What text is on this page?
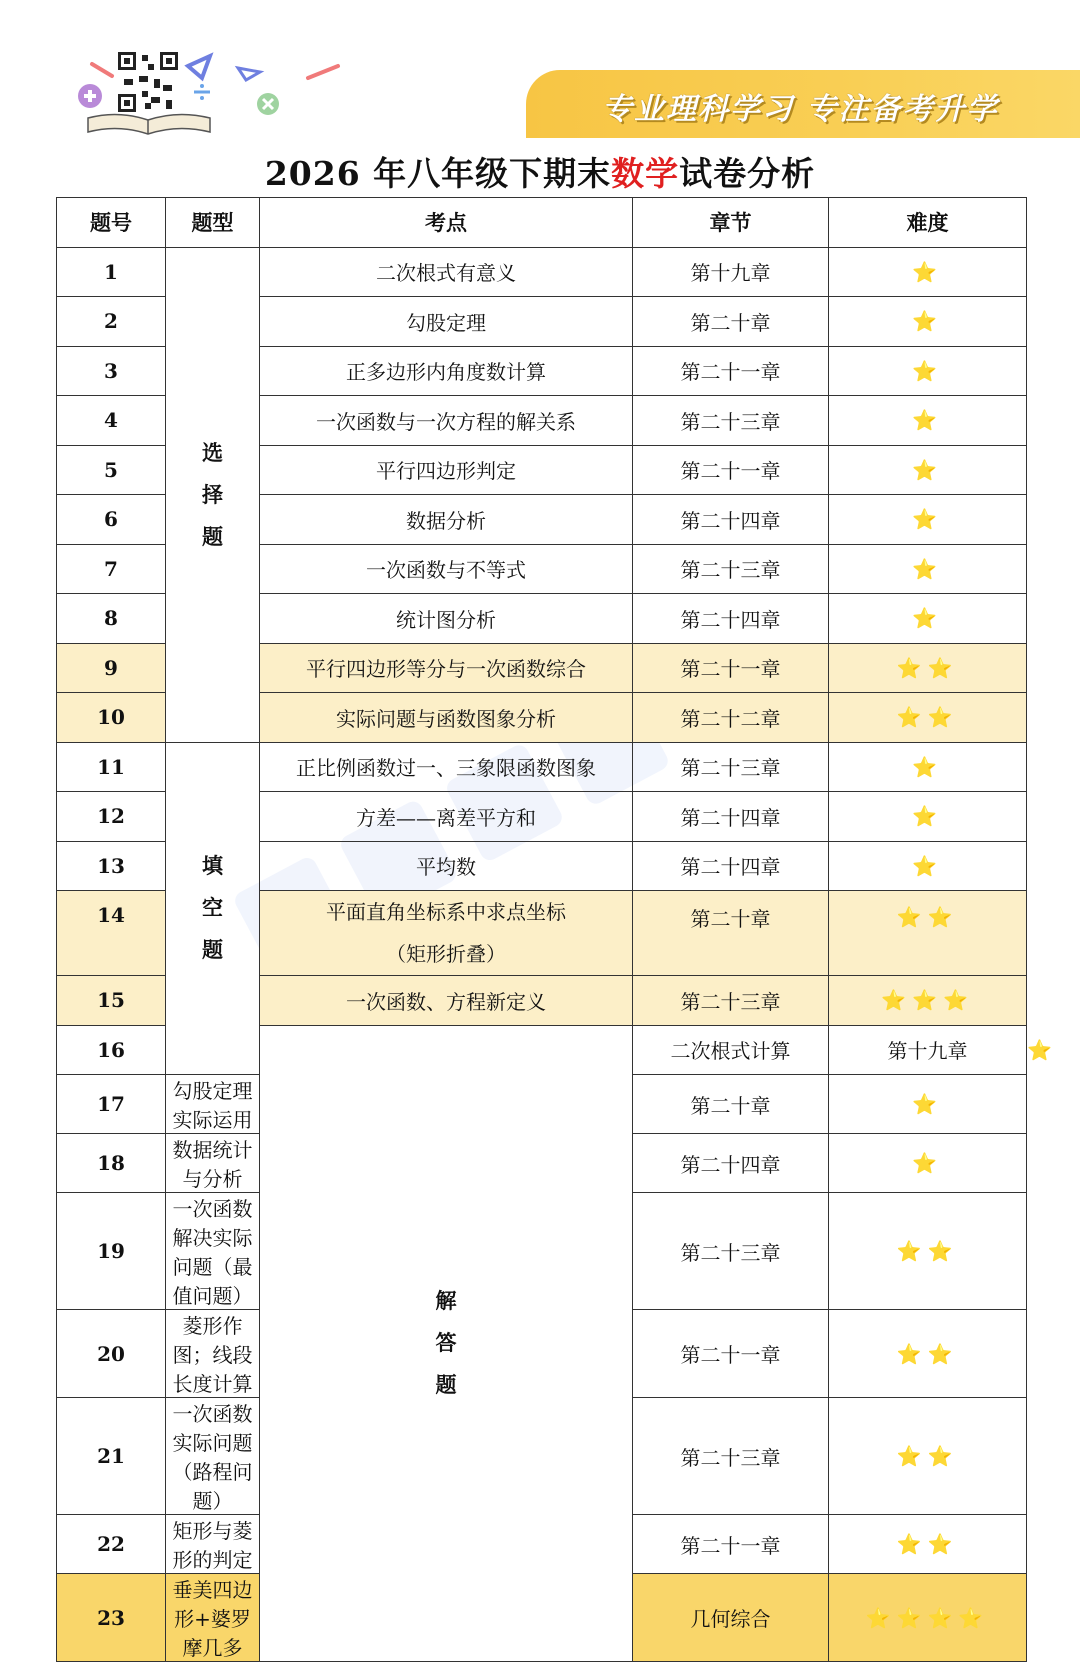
专业理科学习 专注备考升学
2026 年八年级下期末数学试卷分析
题号	题型	考点	章节	难度	
1	选择题	二次根式有意义	第十九章	⭐	
2		勾股定理	第二十章	⭐	
3		正多边形内角度数计算	第二十一章	⭐	
4		一次函数与一次方程的解关系	第二十三章	⭐	
5		平行四边形判定	第二十一章	⭐	
6		数据分析	第二十四章	⭐	
7		一次函数与不等式	第二十三章	⭐	
8		统计图分析	第二十四章	⭐	
9		平行四边形等分与一次函数综合	第二十一章	⭐⭐	
10		实际问题与函数图象分析	第二十二章	⭐⭐	
11	填空题	正比例函数过一、三象限函数图象	第二十三章	⭐	
12		方差——离差平方和	第二十四章	⭐	
13		平均数	第二十四章	⭐	
14		平面直角坐标系中求点坐标
（矩形折叠）	第二十章	⭐⭐	
15		一次函数、方程新定义	第二十三章	⭐⭐⭐	
16		解答题	二次根式计算	第十九章	⭐
17	勾股定理实际运用		第二十章	⭐	
18	数据统计与分析		第二十四章	⭐	
19	一次函数解决实际问题（最值问题）		第二十三章	⭐⭐	
20	菱形作图；线段长度计算		第二十一章	⭐⭐	
21	一次函数实际问题（路程问题）		第二十三章	⭐⭐	
22	矩形与菱形的判定		第二十一章	⭐⭐	
23	垂美四边形+婆罗摩几多		几何综合	⭐⭐⭐⭐	
